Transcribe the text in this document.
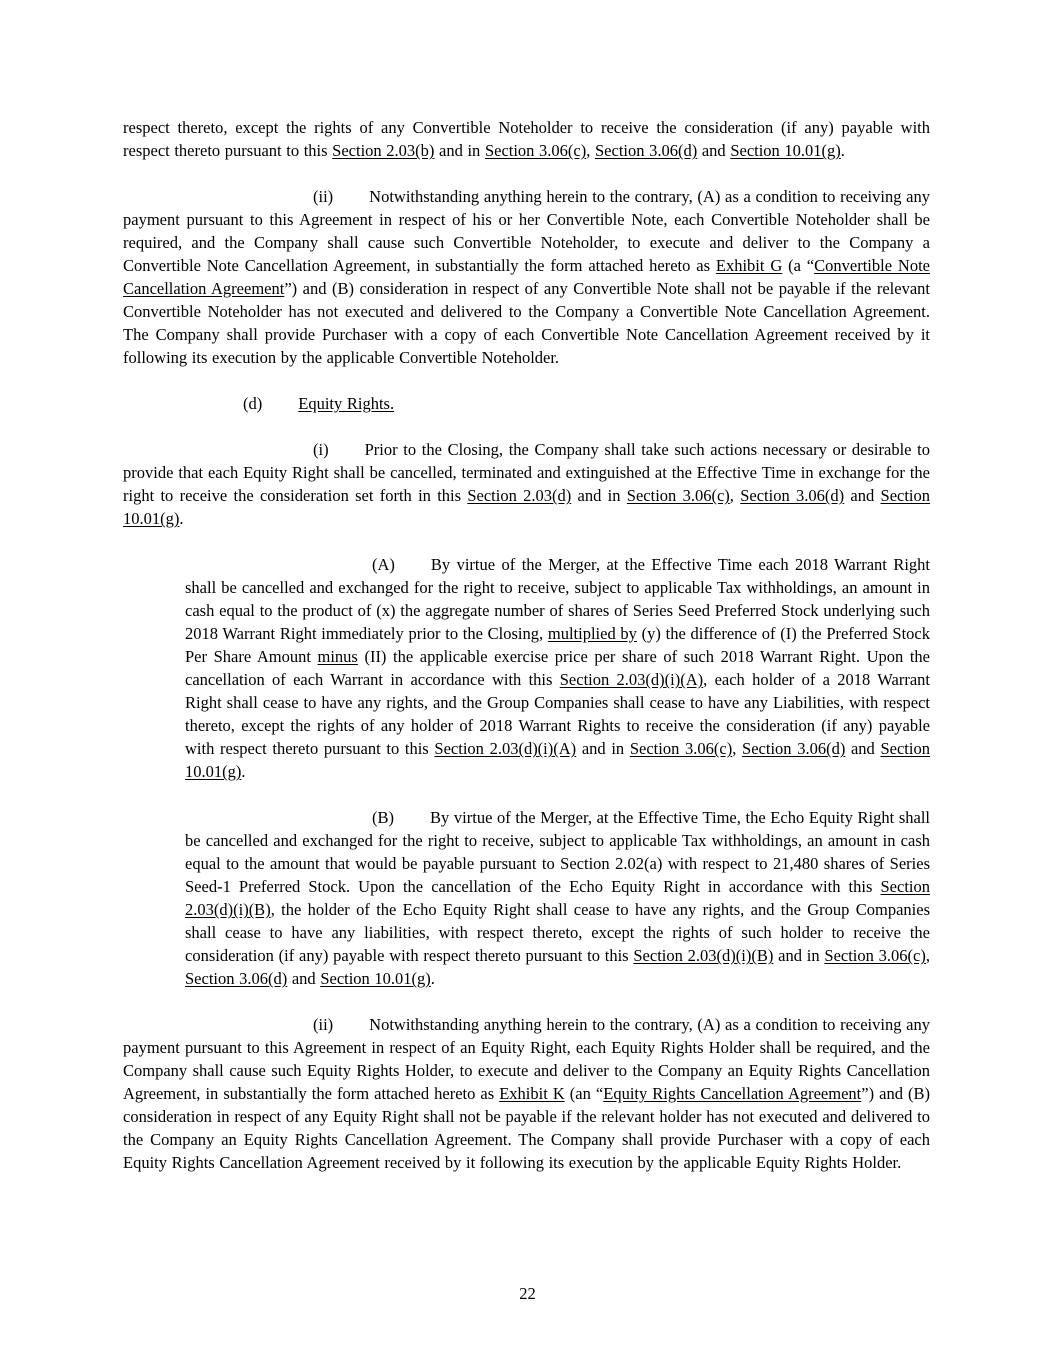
respect thereto, except the rights of any Convertible Noteholder to receive the consideration (if any) payable with respect thereto pursuant to this Section 2.03(b) and in Section 3.06(c), Section 3.06(d) and Section 10.01(g).

(ii) Notwithstanding anything herein to the contrary, (A) as a condition to receiving any payment pursuant to this Agreement in respect of his or her Convertible Note, each Convertible Noteholder shall be required, and the Company shall cause such Convertible Noteholder, to execute and deliver to the Company a Convertible Note Cancellation Agreement, in substantially the form attached hereto as Exhibit G (a “Convertible Note Cancellation Agreement”) and (B) consideration in respect of any Convertible Note shall not be payable if the relevant Convertible Noteholder has not executed and delivered to the Company a Convertible Note Cancellation Agreement. The Company shall provide Purchaser with a copy of each Convertible Note Cancellation Agreement received by it following its execution by the applicable Convertible Noteholder.

(d) Equity Rights.

(i) Prior to the Closing, the Company shall take such actions necessary or desirable to provide that each Equity Right shall be cancelled, terminated and extinguished at the Effective Time in exchange for the right to receive the consideration set forth in this Section 2.03(d) and in Section 3.06(c), Section 3.06(d) and Section 10.01(g).

(A) By virtue of the Merger, at the Effective Time each 2018 Warrant Right shall be cancelled and exchanged for the right to receive, subject to applicable Tax withholdings, an amount in cash equal to the product of (x) the aggregate number of shares of Series Seed Preferred Stock underlying such 2018 Warrant Right immediately prior to the Closing, multiplied by (y) the difference of (I) the Preferred Stock Per Share Amount minus (II) the applicable exercise price per share of such 2018 Warrant Right. Upon the cancellation of each Warrant in accordance with this Section 2.03(d)(i)(A), each holder of a 2018 Warrant Right shall cease to have any rights, and the Group Companies shall cease to have any Liabilities, with respect thereto, except the rights of any holder of 2018 Warrant Rights to receive the consideration (if any) payable with respect thereto pursuant to this Section 2.03(d)(i)(A) and in Section 3.06(c), Section 3.06(d) and Section 10.01(g).

(B) By virtue of the Merger, at the Effective Time, the Echo Equity Right shall be cancelled and exchanged for the right to receive, subject to applicable Tax withholdings, an amount in cash equal to the amount that would be payable pursuant to Section 2.02(a) with respect to 21,480 shares of Series Seed-1 Preferred Stock. Upon the cancellation of the Echo Equity Right in accordance with this Section 2.03(d)(i)(B), the holder of the Echo Equity Right shall cease to have any rights, and the Group Companies shall cease to have any liabilities, with respect thereto, except the rights of such holder to receive the consideration (if any) payable with respect thereto pursuant to this Section 2.03(d)(i)(B) and in Section 3.06(c), Section 3.06(d) and Section 10.01(g).

(ii) Notwithstanding anything herein to the contrary, (A) as a condition to receiving any payment pursuant to this Agreement in respect of an Equity Right, each Equity Rights Holder shall be required, and the Company shall cause such Equity Rights Holder, to execute and deliver to the Company an Equity Rights Cancellation Agreement, in substantially the form attached hereto as Exhibit K (an “Equity Rights Cancellation Agreement”) and (B) consideration in respect of any Equity Right shall not be payable if the relevant holder has not executed and delivered to the Company an Equity Rights Cancellation Agreement. The Company shall provide Purchaser with a copy of each Equity Rights Cancellation Agreement received by it following its execution by the applicable Equity Rights Holder.

22
